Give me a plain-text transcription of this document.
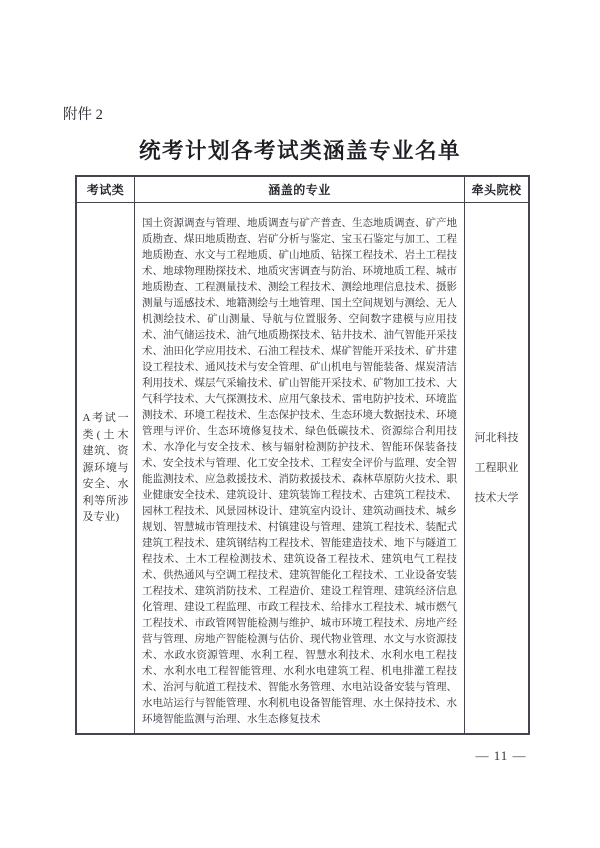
附件 2
统考计划各考试类涵盖专业名单
考试类	涵盖的专业	牵头院校
A考试一类(土木建筑、资源环境与安全、水利等所涉及专业)
国土资源调查与管理、地质调查与矿产普查、生态地质调查、矿产地质勘查、煤田地质勘查、岩矿分析与鉴定、宝玉石鉴定与加工、工程地质勘查、水文与工程地质、矿山地质、钻探工程技术、岩土工程技术、地球物理勘探技术、地质灾害调查与防治、环境地质工程、城市地质勘查、工程测量技术、测绘工程技术、测绘地理信息技术、摄影测量与遥感技术、地籍测绘与土地管理、国土空间规划与测绘、无人机测绘技术、矿山测量、导航与位置服务、空间数字建模与应用技术、油气储运技术、油气地质勘探技术、钻井技术、油气智能开采技术、油田化学应用技术、石油工程技术、煤矿智能开采技术、矿井建设工程技术、通风技术与安全管理、矿山机电与智能装备、煤炭清洁利用技术、煤层气采输技术、矿山智能开采技术、矿物加工技术、大气科学技术、大气探测技术、应用气象技术、雷电防护技术、环境监测技术、环境工程技术、生态保护技术、生态环境大数据技术、环境管理与评价、生态环境修复技术、绿色低碳技术、资源综合利用技术、水净化与安全技术、核与辐射检测防护技术、智能环保装备技术、安全技术与管理、化工安全技术、工程安全评价与监理、安全智能监测技术、应急救援技术、消防救援技术、森林草原防火技术、职业健康安全技术、建筑设计、建筑装饰工程技术、古建筑工程技术、园林工程技术、风景园林设计、建筑室内设计、建筑动画技术、城乡规划、智慧城市管理技术、村镇建设与管理、建筑工程技术、装配式建筑工程技术、建筑钢结构工程技术、智能建造技术、地下与隧道工程技术、土木工程检测技术、建筑设备工程技术、建筑电气工程技术、供热通风与空调工程技术、建筑智能化工程技术、工业设备安装工程技术、建筑消防技术、工程造价、建设工程管理、建筑经济信息化管理、建设工程监理、市政工程技术、给排水工程技术、城市燃气工程技术、市政管网智能检测与维护、城市环境工程技术、房地产经营与管理、房地产智能检测与估价、现代物业管理、水文与水资源技术、水政水资源管理、水利工程、智慧水利技术、水利水电工程技术、水利水电工程智能管理、水利水电建筑工程、机电排灌工程技术、治河与航道工程技术、智能水务管理、水电站设备安装与管理、水电站运行与智能管理、水利机电设备智能管理、水土保持技术、水环境智能监测与治理、水生态修复技术
河北科技工程职业技术大学
— 11 —
